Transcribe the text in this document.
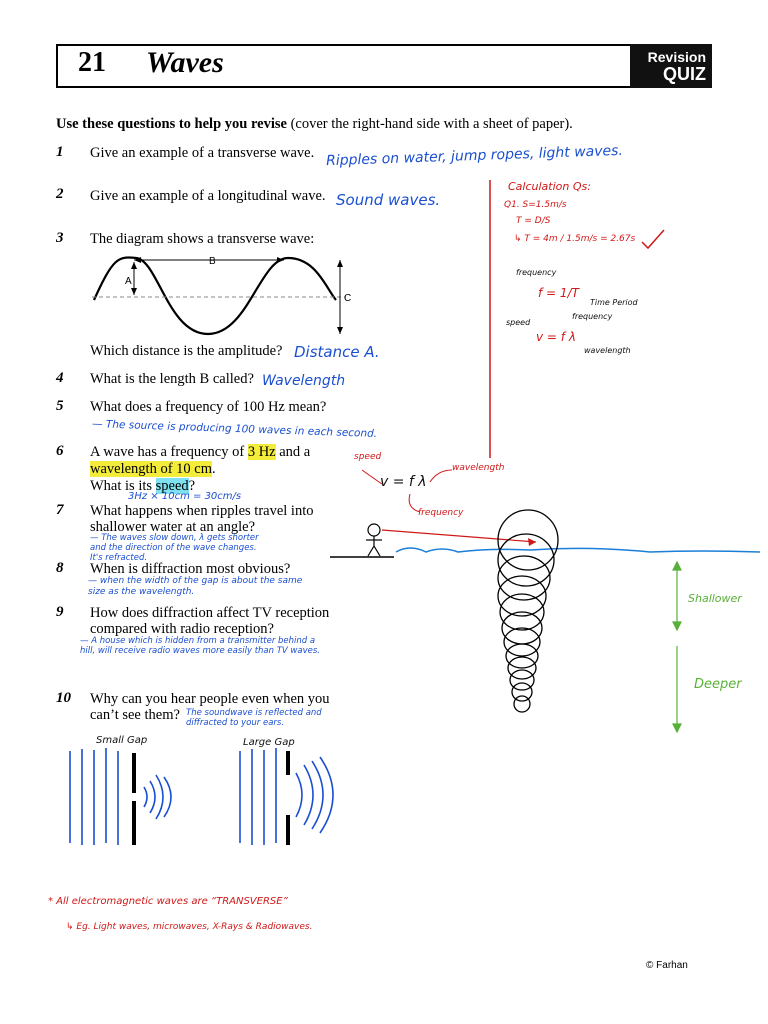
21 Waves	Revision
QUIZ
Use these questions to help you revise (cover the right-hand side with a sheet of paper).
1 Give an example of a transverse wave. Ripples on water, jump ropes, light waves.
2 Give an example of a longitudinal wave. Sound waves.
3 The diagram shows a transverse wave:
B
A
C
Which distance is the amplitude? Distance A.
4 What is the length B called? Wavelength
5 What does a frequency of 100 Hz mean?
— The source is producing 100 waves in each second.
6 A wave has a frequency of 3 Hz and a
wavelength of 10 cm.
What is its speed?
3Hz × 10cm = 30cm/s
7 What happens when ripples travel into
shallower water at an angle?
— The waves slow down, λ gets shorter and the direction of the wave changes. It's refracted.
8 When is diffraction most obvious?
— when the width of the gap is about the same size as the wavelength.
9 How does diffraction affect TV reception
compared with radio reception?
— A house which is hidden from a transmitter behind a hill, will receive radio waves more easily than TV waves.
10 Why can you hear people even when you
can’t see them? The soundwave is reflected and diffracted to your ears.
Small Gap	Large Gap
Calculation Qs:
Q1. S=1.5m/s
T = D/S
↳ T = 4m / 1.5m/s = 2.67s
frequency
f = 1/T
Time Period
speed
frequency
v = f λ
wavelength
speed
v = f λ
wavelength
frequency
Shallower
Deeper
* All electromagnetic waves are “TRANSVERSE”
↳ Eg. Light waves, microwaves, X-Rays & Radiowaves.
© Farhan
